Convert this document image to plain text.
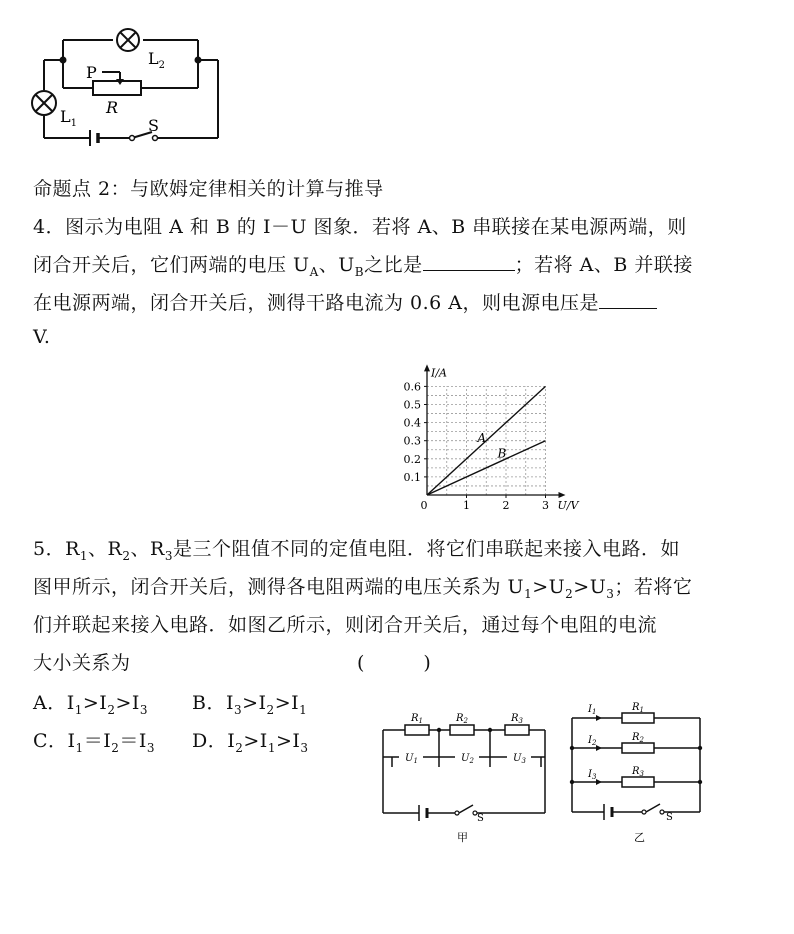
$L_2$
$L_1$
P
R
S
命题点 2：与欧姆定律相关的计算与推导
4．图示为电阻 A 和 B 的 I－U 图象．若将 A、B 串联接在某电源两端，则
闭合开关后，它们两端的电压 $U_A$、$U_B$之比是	；若将 A、B 并联接
在电源两端，闭合开关后，测得干路电流为 0.6 A，则电源电压是
V.
0.1
0.2
0.3
0.4
0.5
0.6
1	2	3
0
I/A
U/V
A
B
5．$R_1$、$R_2$、$R_3$是三个阻值不同的定值电阻．将它们串联起来接入电路．如
图甲所示，闭合开关后，测得各电阻两端的电压关系为 $U_1>U_2>U_3$；若将它
们并联起来接入电路．如图乙所示，则闭合开关后，通过每个电阻的电流
大小关系为	(　　　)
A．$I_1>I_2>I_3$ B．$I_3>I_2>I_1$
C．$I_1=I_2=I_3$ D．$I_2>I_1>I_3$
$R_1$	$R_2$	$R_3$
$U_1$	$U_2$	$U_3$
S
甲
$I_1$
$I_2$
$I_3$
$R_1$
$R_2$
$R_3$
S
乙
